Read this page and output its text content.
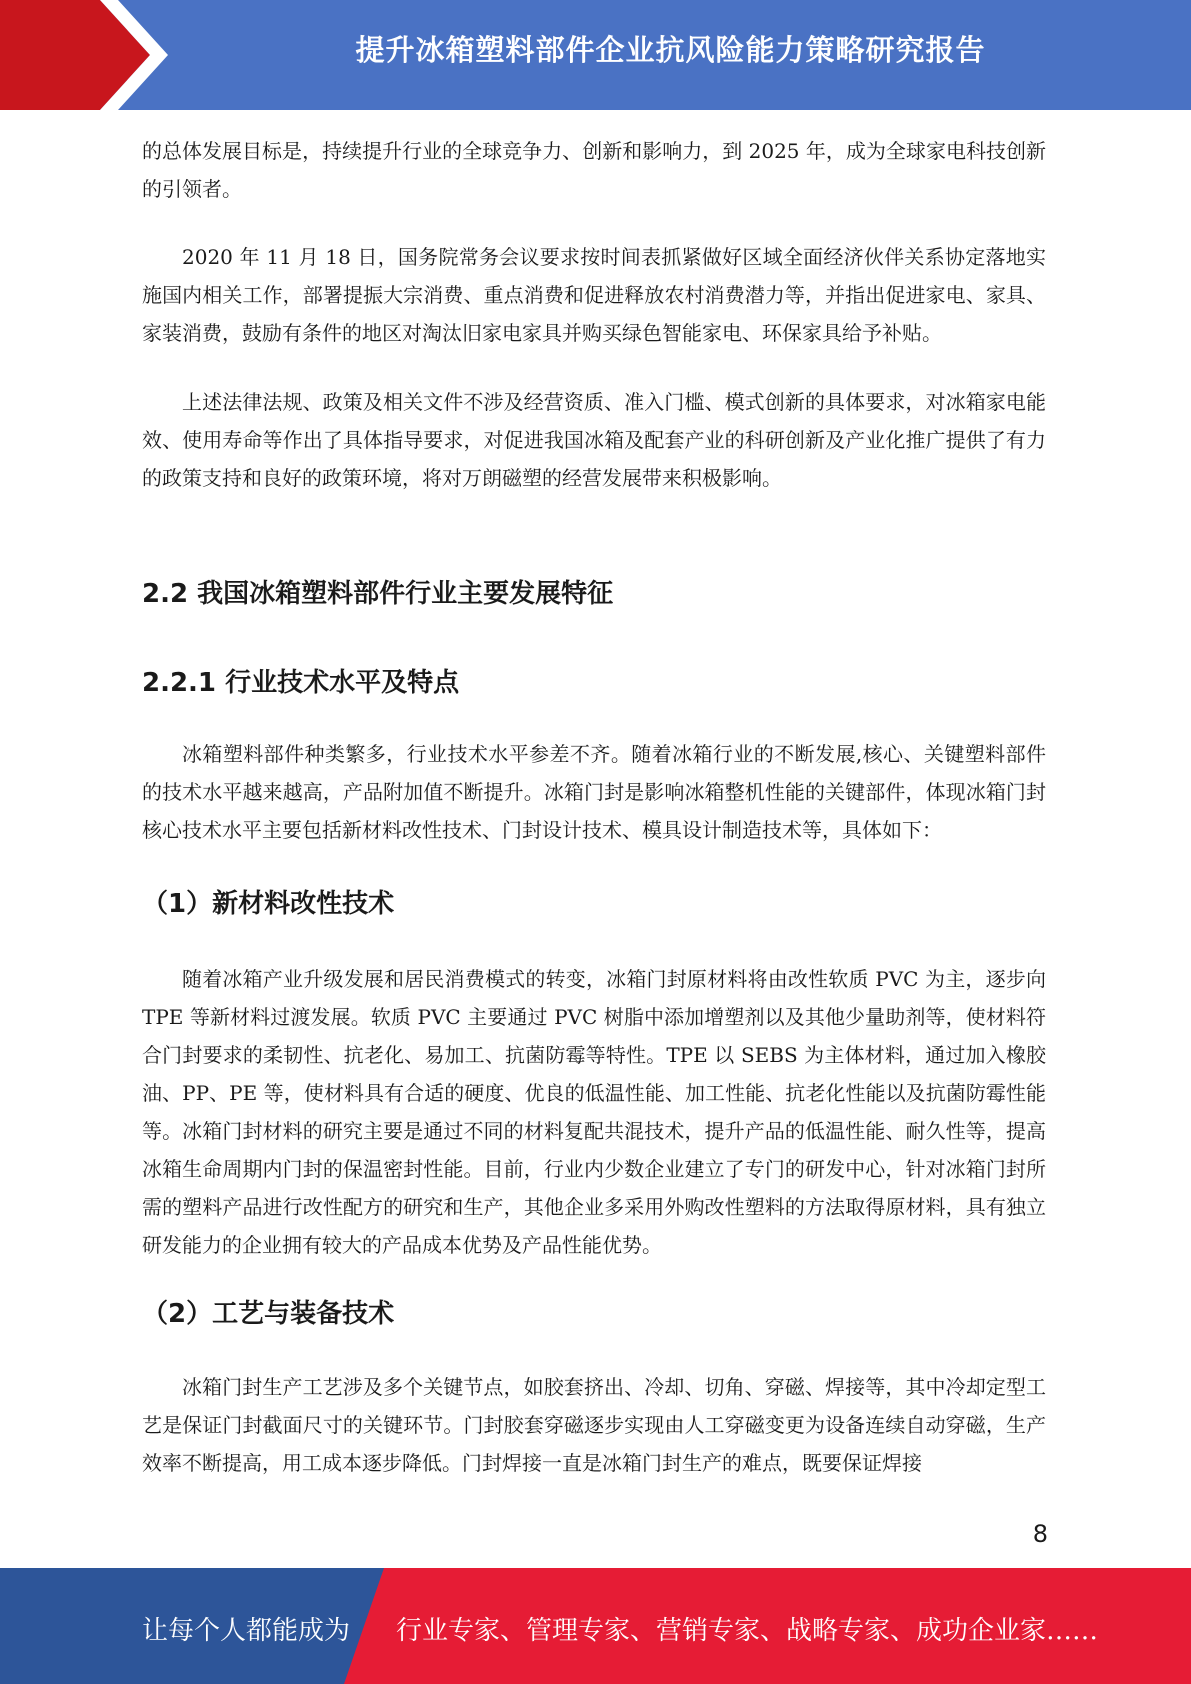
提升冰箱塑料部件企业抗风险能力策略研究报告

的总体发展目标是，持续提升行业的全球竞争力、创新和影响力，到 2025 年，成为全球家电科技创新的引领者。

2020 年 11 月 18 日，国务院常务会议要求按时间表抓紧做好区域全面经济伙伴关系协定落地实施国内相关工作，部署提振大宗消费、重点消费和促进释放农村消费潜力等，并指出促进家电、家具、家装消费，鼓励有条件的地区对淘汰旧家电家具并购买绿色智能家电、环保家具给予补贴。

上述法律法规、政策及相关文件不涉及经营资质、准入门槛、模式创新的具体要求，对冰箱家电能效、使用寿命等作出了具体指导要求，对促进我国冰箱及配套产业的科研创新及产业化推广提供了有力的政策支持和良好的政策环境，将对万朗磁塑的经营发展带来积极影响。

2.2 我国冰箱塑料部件行业主要发展特征
2.2.1 行业技术水平及特点

冰箱塑料部件种类繁多，行业技术水平参差不齐。随着冰箱行业的不断发展,核心、关键塑料部件的技术水平越来越高，产品附加值不断提升。冰箱门封是影响冰箱整机性能的关键部件，体现冰箱门封核心技术水平主要包括新材料改性技术、门封设计技术、模具设计制造技术等，具体如下：

（1）新材料改性技术

随着冰箱产业升级发展和居民消费模式的转变，冰箱门封原材料将由改性软质 PVC 为主，逐步向 TPE 等新材料过渡发展。软质 PVC 主要通过 PVC 树脂中添加增塑剂以及其他少量助剂等，使材料符合门封要求的柔韧性、抗老化、易加工、抗菌防霉等特性。TPE 以 SEBS 为主体材料，通过加入橡胶油、PP、PE 等，使材料具有合适的硬度、优良的低温性能、加工性能、抗老化性能以及抗菌防霉性能等。冰箱门封材料的研究主要是通过不同的材料复配共混技术，提升产品的低温性能、耐久性等，提高冰箱生命周期内门封的保温密封性能。目前，行业内少数企业建立了专门的研发中心，针对冰箱门封所需的塑料产品进行改性配方的研究和生产，其他企业多采用外购改性塑料的方法取得原材料，具有独立研发能力的企业拥有较大的产品成本优势及产品性能优势。

（2）工艺与装备技术

冰箱门封生产工艺涉及多个关键节点，如胶套挤出、冷却、切角、穿磁、焊接等，其中冷却定型工艺是保证门封截面尺寸的关键环节。门封胶套穿磁逐步实现由人工穿磁变更为设备连续自动穿磁，生产效率不断提高，用工成本逐步降低。门封焊接一直是冰箱门封生产的难点，既要保证焊接

8
让每个人都能成为 行业专家、管理专家、营销专家、战略专家、成功企业家……
